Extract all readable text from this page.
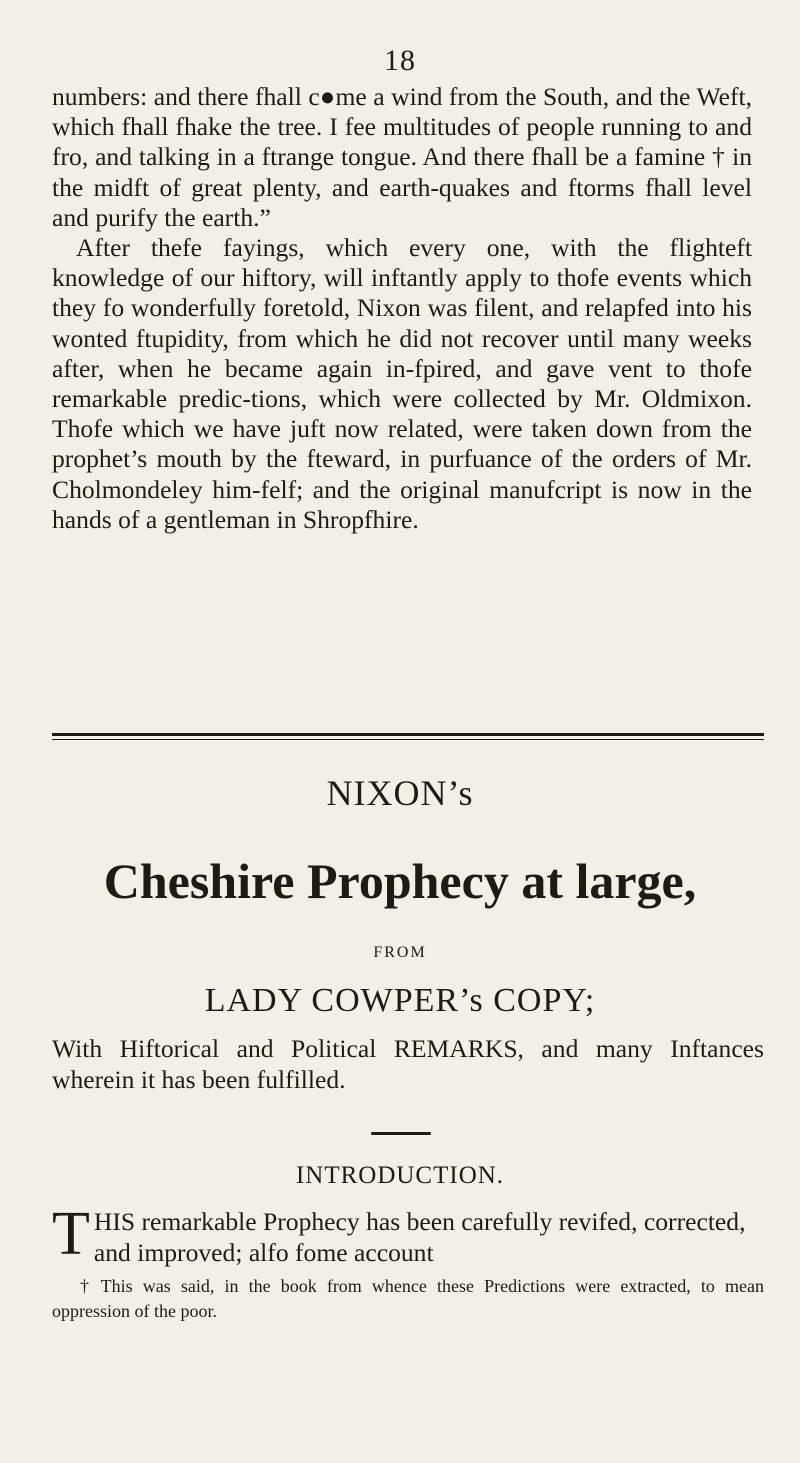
18

numbers: and there fhall c●me a wind from the South, and the Weft, which fhall fhake the tree. I fee multitudes of people running to and fro, and talking in a ftrange tongue. And there fhall be a famine † in the midft of great plenty, and earth-quakes and ftorms fhall level and purify the earth.”

After thefe fayings, which every one, with the flighteft knowledge of our hiftory, will inftantly apply to thofe events which they fo wonderfully foretold, Nixon was filent, and relapfed into his wonted ftupidity, from which he did not recover until many weeks after, when he became again in-fpired, and gave vent to thofe remarkable predic-tions, which were collected by Mr. Oldmixon. Thofe which we have juft now related, were taken down from the prophet’s mouth by the fteward, in purfuance of the orders of Mr. Cholmondeley him-felf; and the original manufcript is now in the hands of a gentleman in Shropfhire.

NIXON’s
Cheshire Prophecy at large,
FROM
LADY COWPER’s COPY;
With Hiftorical and Political REMARKS, and many Inftances wherein it has been fulfilled.
INTRODUCTION.
T HIS remarkable Prophecy has been carefully revifed, corrected, and improved; alfo fome account
† This was said, in the book from whence these Predictions were extracted, to mean oppression of the poor.
